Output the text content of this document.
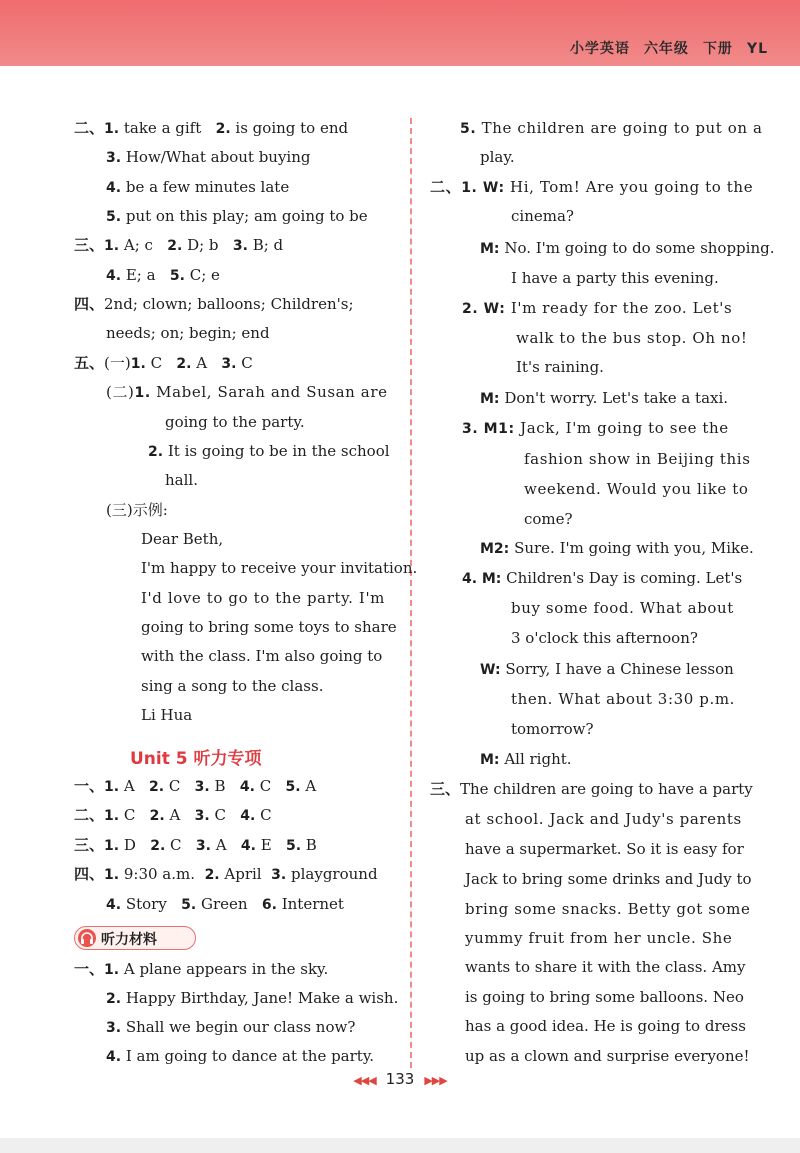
小学英语 六年级 下册 YL
二、1. take a gift 2. is going to end
3. How/What about buying
4. be a few minutes late
5. put on this play; am going to be
三、1. A; c 2. D; b 3. B; d
4. E; a 5. C; e
四、2nd; clown; balloons; Children's;
needs; on; begin; end
五、(一)1. C 2. A 3. C
(二)1. Mabel, Sarah and Susan are
going to the party.
2. It is going to be in the school
hall.
(三)示例:
Dear Beth,
I'm happy to receive your invitation.
I'd love to go to the party. I'm
going to bring some toys to share
with the class. I'm also going to
sing a song to the class.
Li Hua
Unit 5 听力专项
一、1. A 2. C 3. B 4. C 5. A
二、1. C 2. A 3. C 4. C
三、1. D 2. C 3. A 4. E 5. B
四、1. 9:30 a.m. 2. April 3. playground
4. Story 5. Green 6. Internet
听力材料
一、1. A plane appears in the sky.
2. Happy Birthday, Jane! Make a wish.
3. Shall we begin our class now?
4. I am going to dance at the party.
5. The children are going to put on a
play.
二、1. W: Hi, Tom! Are you going to the
cinema?
M: No. I'm going to do some shopping.
I have a party this evening.
2. W: I'm ready for the zoo. Let's
walk to the bus stop. Oh no!
It's raining.
M: Don't worry. Let's take a taxi.
3. M1: Jack, I'm going to see the
fashion show in Beijing this
weekend. Would you like to
come?
M2: Sure. I'm going with you, Mike.
4. M: Children's Day is coming. Let's
buy some food. What about
3 o'clock this afternoon?
W: Sorry, I have a Chinese lesson
then. What about 3:30 p.m.
tomorrow?
M: All right.
三、The children are going to have a party
at school. Jack and Judy's parents
have a supermarket. So it is easy for
Jack to bring some drinks and Judy to
bring some snacks. Betty got some
yummy fruit from her uncle. She
wants to share it with the class. Amy
is going to bring some balloons. Neo
has a good idea. He is going to dress
up as a clown and surprise everyone!
◀◀◀ 133 ▶▶▶
